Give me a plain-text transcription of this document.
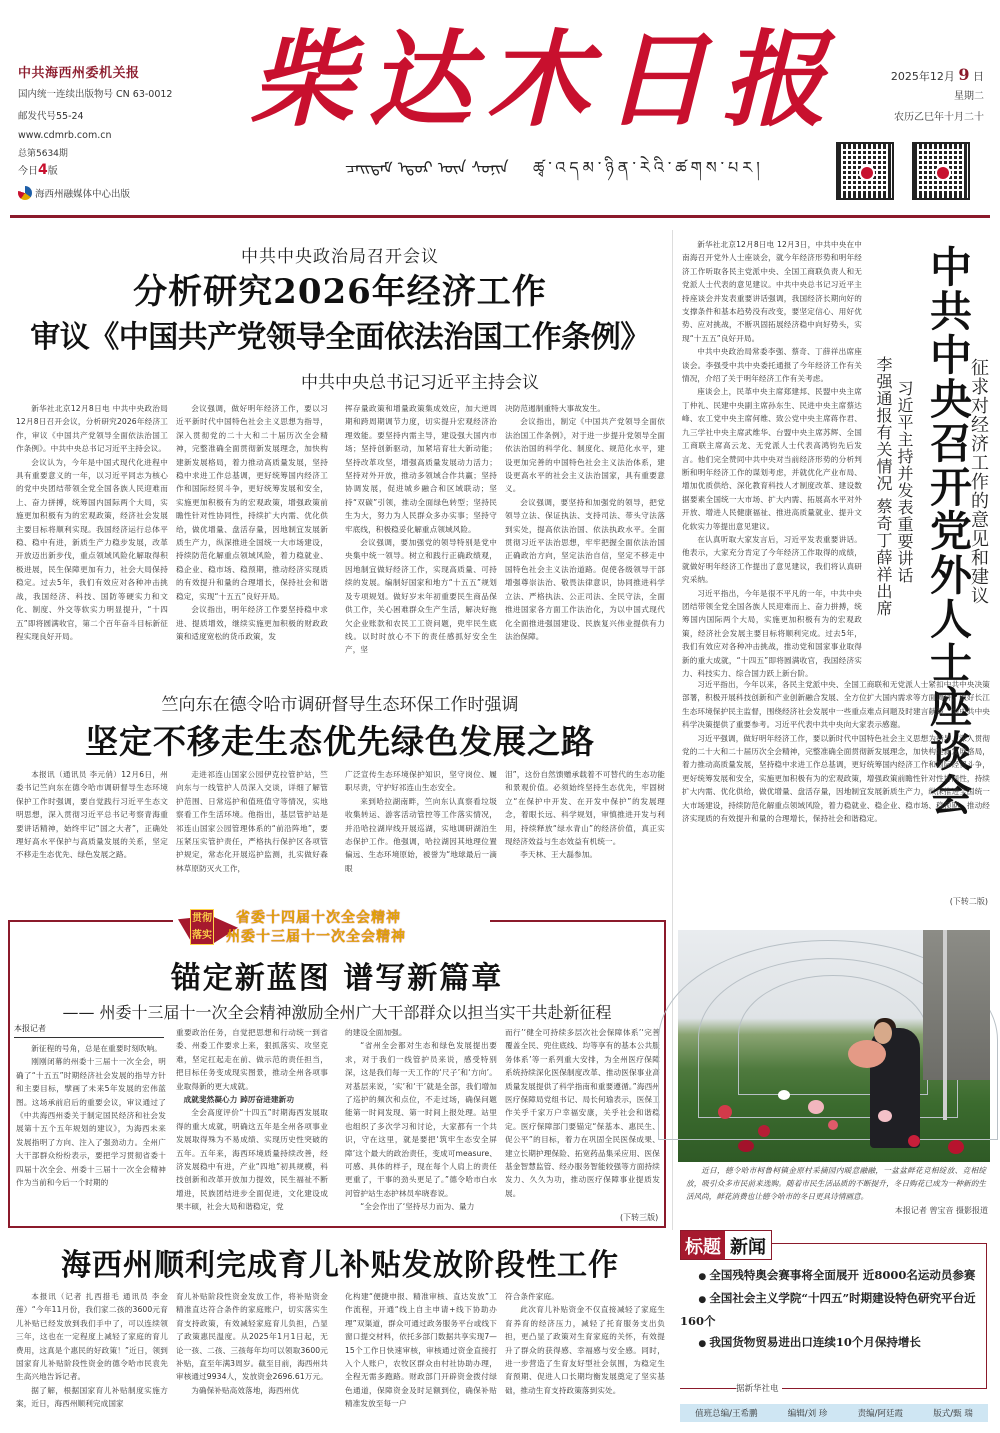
中共海西州委机关报
国内统一连续出版物号 CN 63-0012
邮发代号55-24
www.cdmrb.com.cn
总第5634期
今日4版
海西州融媒体中心出版
柴达木日报
ᠴᠠᠢᠳᠠᠮ ᠡᠳᠦᠷ ᠦᠨ ᠰᠣᠨᠢᠨ ཚྭ་འདམ་ཉིན་རེའི་ཚགས་པར།
2025年12月 9 日
星期二
农历乙巳年十月二十
中共中央政治局召开会议
分析研究2026年经济工作
审议《中国共产党领导全面依法治国工作条例》
中共中央总书记习近平主持会议

新华社北京12月8日电 中共中央政治局12月8日召开会议，分析研究2026年经济工作，审议《中国共产党领导全面依法治国工作条例》。中共中央总书记习近平主持会议。

会议认为，今年是中国式现代化进程中具有重要意义的一年，以习近平同志为核心的党中央团结带领全党全国各族人民迎难而上、奋力拼搏，统筹国内国际两个大局，实施更加积极有为的宏观政策，经济社会发展主要目标将顺利实现。我国经济运行总体平稳、稳中有进，新质生产力稳步发展，改革开放迈出新步伐，重点领域风险化解取得积极进展，民生保障更加有力，社会大局保持稳定。过去5年，我们有效应对各种冲击挑战，我国经济、科技、国防等硬实力和文化、制度、外交等软实力明显提升，“十四五”即将圆满收官，第二个百年奋斗目标新征程实现良好开局。

会议强调，做好明年经济工作，要以习近平新时代中国特色社会主义思想为指导，深入贯彻党的二十大和二十届历次全会精神，完整准确全面贯彻新发展理念，加快构建新发展格局，着力推动高质量发展，坚持稳中求进工作总基调，更好统筹国内经济工作和国际经贸斗争，更好统筹发展和安全，实施更加积极有为的宏观政策，增强政策前瞻性针对性协同性，持续扩大内需、优化供给，做优增量、盘活存量，因地制宜发展新质生产力，纵深推进全国统一大市场建设，持续防范化解重点领域风险，着力稳就业、稳企业、稳市场、稳预期，推动经济实现质的有效提升和量的合理增长，保持社会和谐稳定，实现“十五五”良好开局。

会议指出，明年经济工作要坚持稳中求进、提质增效，继续实施更加积极的财政政策和适度宽松的货币政策，发

挥存量政策和增量政策集成效应，加大逆周期和跨周期调节力度，切实提升宏观经济治理效能。要坚持内需主导，建设强大国内市场；坚持创新驱动，加紧培育壮大新动能；坚持改革攻坚，增强高质量发展动力活力；坚持对外开放，推动多领域合作共赢；坚持协调发展，促进城乡融合和区域联动；坚持“双碳”引领，推动全面绿色转型；坚持民生为大，努力为人民群众多办实事；坚持守牢底线，积极稳妥化解重点领域风险。

会议强调，要加强党的领导特别是党中央集中统一领导。树立和践行正确政绩观，因地制宜做好经济工作，实现高质量、可持续的发展。编制好国家和地方“十五五”规划及专项规划。做好岁末年初重要民生商品保供工作，关心困难群众生产生活，解决好拖欠企业账款和农民工工资问题，兜牢民生底线。以时时放心不下的责任感抓好安全生产，坚

决防范遏制重特大事故发生。

会议指出，制定《中国共产党领导全面依法治国工作条例》，对于进一步提升党领导全面依法治国的科学化、制度化、规范化水平，建设更加完善的中国特色社会主义法治体系，建设更高水平的社会主义法治国家，具有重要意义。

会议强调，要坚持和加强党的领导，把党领导立法、保证执法、支持司法、带头守法落到实处，提高依法治国、依法执政水平。全面贯彻习近平法治思想，牢牢把握全面依法治国正确政治方向，坚定法治自信，坚定不移走中国特色社会主义法治道路。促使各级领导干部增强尊崇法治、敬畏法律意识，协同推进科学立法、严格执法、公正司法、全民守法，全面推进国家各方面工作法治化，为以中国式现代化全面推进强国建设、民族复兴伟业提供有力法治保障。	中共中央召开党外人士座谈会
征求对经济工作的意见和建议
习近平主持并发表重要讲话
李强通报有关情况 蔡奇丁薛祥出席

新华社北京12月8日电 12月3日，中共中央在中南海召开党外人士座谈会，就今年经济形势和明年经济工作听取各民主党派中央、全国工商联负责人和无党派人士代表的意见建议。中共中央总书记习近平主持座谈会并发表重要讲话强调，我国经济长期向好的支撑条件和基本趋势没有改变，要坚定信心、用好优势、应对挑战，不断巩固拓展经济稳中向好势头，实现“十五五”良好开局。

中共中央政治局常委李强、蔡奇、丁薛祥出席座谈会。李强受中共中央委托通报了今年经济工作有关情况，介绍了关于明年经济工作有关考虑。

座谈会上，民革中央主席郑建邦、民盟中央主席丁仲礼、民建中央副主席孙东生、民进中央主席蔡达峰、农工党中央主席何维、致公党中央主席蒋作君、九三学社中央主席武维华、台盟中央主席苏辉、全国工商联主席高云龙、无党派人士代表高鸿钧先后发言。他们完全赞同中共中央对当前经济形势的分析判断和明年经济工作的谋划考虑，并就优化产业布局、增加优质供给、深化教育科技人才制度改革、建设数据要素全国统一大市场、扩大内需、拓展高水平对外开放、增进人民健康福祉、推进高质量就业、提升文化软实力等提出意见建议。

在认真听取大家发言后，习近平发表重要讲话。他表示，大家充分肯定了今年经济工作取得的成绩，就做好明年经济工作提出了意见建议，我们将认真研究采纳。

习近平指出，今年是很不平凡的一年，中共中央团结带领全党全国各族人民迎难而上、奋力拼搏，统筹国内国际两个大局，实施更加积极有为的宏观政策，经济社会发展主要目标将顺利完成。过去5年，我们有效应对各种冲击挑战，推动党和国家事业取得新的重大成就，“十四五”即将圆满收官，我国经济实力、科技实力、综合国力跃上新台阶。

习近平指出，今年以来，各民主党派中央、全国工商联和无党派人士紧扣中共中央决策部署，积极开展科技创新和产业创新融合发展、全方位扩大国内需求等方面调研，做好长江生态环境保护民主监督，围绕经济社会发展中一些重点难点问题及时建言献策，为中共中央科学决策提供了重要参考。习近平代表中共中央向大家表示感谢。

习近平强调，做好明年经济工作，要以新时代中国特色社会主义思想为指导，深入贯彻党的二十大和二十届历次全会精神，完整准确全面贯彻新发展理念，加快构建新发展格局，着力推动高质量发展，坚持稳中求进工作总基调，更好统筹国内经济工作和国际经贸斗争，更好统筹发展和安全，实施更加积极有为的宏观政策，增强政策前瞻性针对性协同性，持续扩大内需、优化供给，做优增量、盘活存量，因地制宜发展新质生产力，纵深推进全国统一大市场建设，持续防范化解重点领域风险，着力稳就业、稳企业、稳市场、稳预期，推动经济实现质的有效提升和量的合理增长，保持社会和谐稳定。

(下转二版)
竺向东在德令哈市调研督导生态环保工作时强调
坚定不移走生态优先绿色发展之路

本报讯（通讯员 李元俏）12月6日，州委书记竺向东在德令哈市调研督导生态环境保护工作时强调，要自觉践行习近平生态文明思想，深入贯彻习近平总书记考察青海重要讲话精神，始终牢记“国之大者”，正确处理好高水平保护与高质量发展的关系，坚定不移走生态优先、绿色发展之路。

走进祁连山国家公园伊克拉管护站，竺向东与一线管护人员深入交谈，详细了解管护范围、日常巡护和值班值守等情况，实地察看工作生活环境。他指出，基层管护站是祁连山国家公园管理体系的“前沿阵地”，要压紧压实管护责任，严格执行保护区各项管护规定，常态化开展巡护监测，扎实做好森林草原防灭火工作，

广泛宣传生态环境保护知识，坚守岗位、履职尽责，守护好祁连山生态安全。

来到哈拉湖南畔，竺向东认真察看垃圾收集转运、游客活动管控等工作落实情况，并沿哈拉湖岸线开展巡湖，实地调研湖泊生态保护工作。他强调，哈拉湖因其地理位置偏远、生态环境原始，被誉为“地球最后一滴眼

泪”，这份自然馈赠承载着不可替代的生态功能和景观价值。必须始终坚持生态优先，牢固树立“在保护中开发、在开发中保护”的发展理念，着眼长远、科学规划，审慎推进开发与利用，持续释放“绿水青山”的经济价值，真正实现经济效益与生态效益有机统一。

李天林、王大磊参加。

贯彻
落实
省委十四届十次全会精神
州委十三届十一次全会精神
锚定新蓝图 谱写新篇章
—— 州委十三届十一次全会精神激励全州广大干部群众以担当实干共赴新征程
本报记者

新征程的号角，总是在重要时刻吹响。

刚刚闭幕的州委十三届十一次全会，明确了“十五五”时期经济社会发展的指导方针和主要目标，擘画了未来5年发展的宏伟蓝图。这场承前启后的重要会议，审议通过了《中共海西州委关于制定国民经济和社会发展第十五个五年规划的建议》，为海西未来发展指明了方向、注入了强劲动力。全州广大干部群众纷纷表示，要把学习贯彻省委十四届十次全会、州委十三届十一次全会精神作为当前和今后一个时期的

重要政治任务，自觉把思想和行动统一到省委、州委工作要求上来，狠抓落实、攻坚克难，坚定扛起走在前、做示范的责任担当，把目标任务变成现实图景，推动全州各项事业取得新的更大成就。

成就斐然凝心力 踔厉奋进建新功

全会高度评价“十四五”时期海西发展取得的重大成就，明确这五年是全州各项事业发展取得殊为不易成绩、实现历史性突破的五年。五年来，海西环境质量持续改善，经济发展稳中有进，产业“四地”初具规模，科技创新和改革开放加力提效，民生福祉不断增进，民族团结进步全面促进，文化建设成果丰硕，社会大局和谐稳定，党

的建设全面加强。

“省州全会都对生态和绿色发展提出要求，对于我们一线管护员来说，感受特别深，这是我们每一天工作的‘尺子’和‘方向’。对基层来说，‘实’和‘干’就是全部，我们增加了巡护的频次和点位，不走过场，确保问题能第一时间发现、第一时间上报处理。站里也组织了多次学习和讨论，大家都有一个共识，守在这里，就是要把‘筑牢生态安全屏障’这个最大的政治责任，变成可measure、可感、具体的样子，现在每个人肩上的责任更重了，干事的劲头更足了。”德令哈市白水河管护站生态护林员牟晓春说。

“全会作出了‘坚持尽力而为、量力

而行’‘健全可持续多层次社会保障体系’‘完善覆盖全民、兜住底线、均等享有的基本公共服务体系’等一系列重大安排，为全州医疗保障系统持续深化医保制度改革、推动医保事业高质量发展提供了科学指南和重要遵循。”海西州医疗保障局党组书记、局长何瑜表示，医保工作关乎千家万户幸福安康，关乎社会和谐稳定。医疗保障部门要锚定“保基本、惠民生、促公平”的目标，着力在巩固全民医保成果、建立长期护理保险、拓宽药品集采应用、医保基金智慧监管、经办服务智能较强等方面持续发力、久久为功，推动医疗保障事业提质发展。

(下转三版)
海西州顺利完成育儿补贴发放阶段性工作

本报讯（记者 扎西措毛 通讯员 李金莲）“今年11月份，我们家二孩的3600元育儿补贴已经发放到我们手中了，可以连续领三年，这也在一定程度上减轻了家庭的育儿费用，这真是个惠民的好政策！”近日，领到国家育儿补贴阶段性资金的德令哈市民袁先生高兴地告诉记者。

据了解，根据国家育儿补贴制度实施方案，近日，海西州顺利完成国家

育儿补贴阶段性资金发放工作，将补贴资金精准直达符合条件的家庭账户，切实落实生育支持政策，有效减轻家庭育儿负担，凸显了政策惠民温度。从2025年1月1日起，无论一孩、二孩、三孩每年均可以领取3600元补贴，直至年满3周岁。截至目前，海西州共审核通过9934人，发放资金2696.61万元。

为确保补贴高效落地，海西州优

化构建“便捷申报、精准审核、直达发放”工作流程，开通“线上自主申请+线下协助办理”双渠道，群众可通过政务服务平台或线下窗口提交材料，依托多部门数据共享实现7—15个工作日快速审核，审核通过资金直接打入个人账户，农牧区群众由村社协助办理，全程无需多跑路。财政部门开辟资金拨付绿色通道，保障资金及时足额到位，确保补贴精准发放至每一户

符合条件家庭。

此次育儿补贴资金不仅直接减轻了家庭生育养育的经济压力，减轻了托育服务支出负担，更凸显了政策对生育家庭的关怀，有效提升了群众的获得感、幸福感与安全感。同时，进一步营造了生育友好型社会氛围，为稳定生育预期、促进人口长期均衡发展奠定了坚实基础，推动生育支持政策落到实处。

近日，德令哈市柯鲁柯镇金原村采摘园内暖意融融，一盆盆鲜花竞相绽放、竞相绽放，吸引众多市民前来选购。随着市民生活品质的不断提升，冬日购花已成为一种新的生活风尚，鲜花消费也让德令哈市的冬日更具诗情画意。
本报记者 曾宝音 摄影报道
标题 新闻
● 全国残特奥会赛事将全面展开 近8000名运动员参赛
● 全国社会主义学院“十四五”时期建设特色研究平台近160个
● 我国货物贸易进出口连续10个月保持增长
据新华社电
值班总编/王希鹏	编辑/刘 珍	责编/阿廷霞	版式/甄 瑞
